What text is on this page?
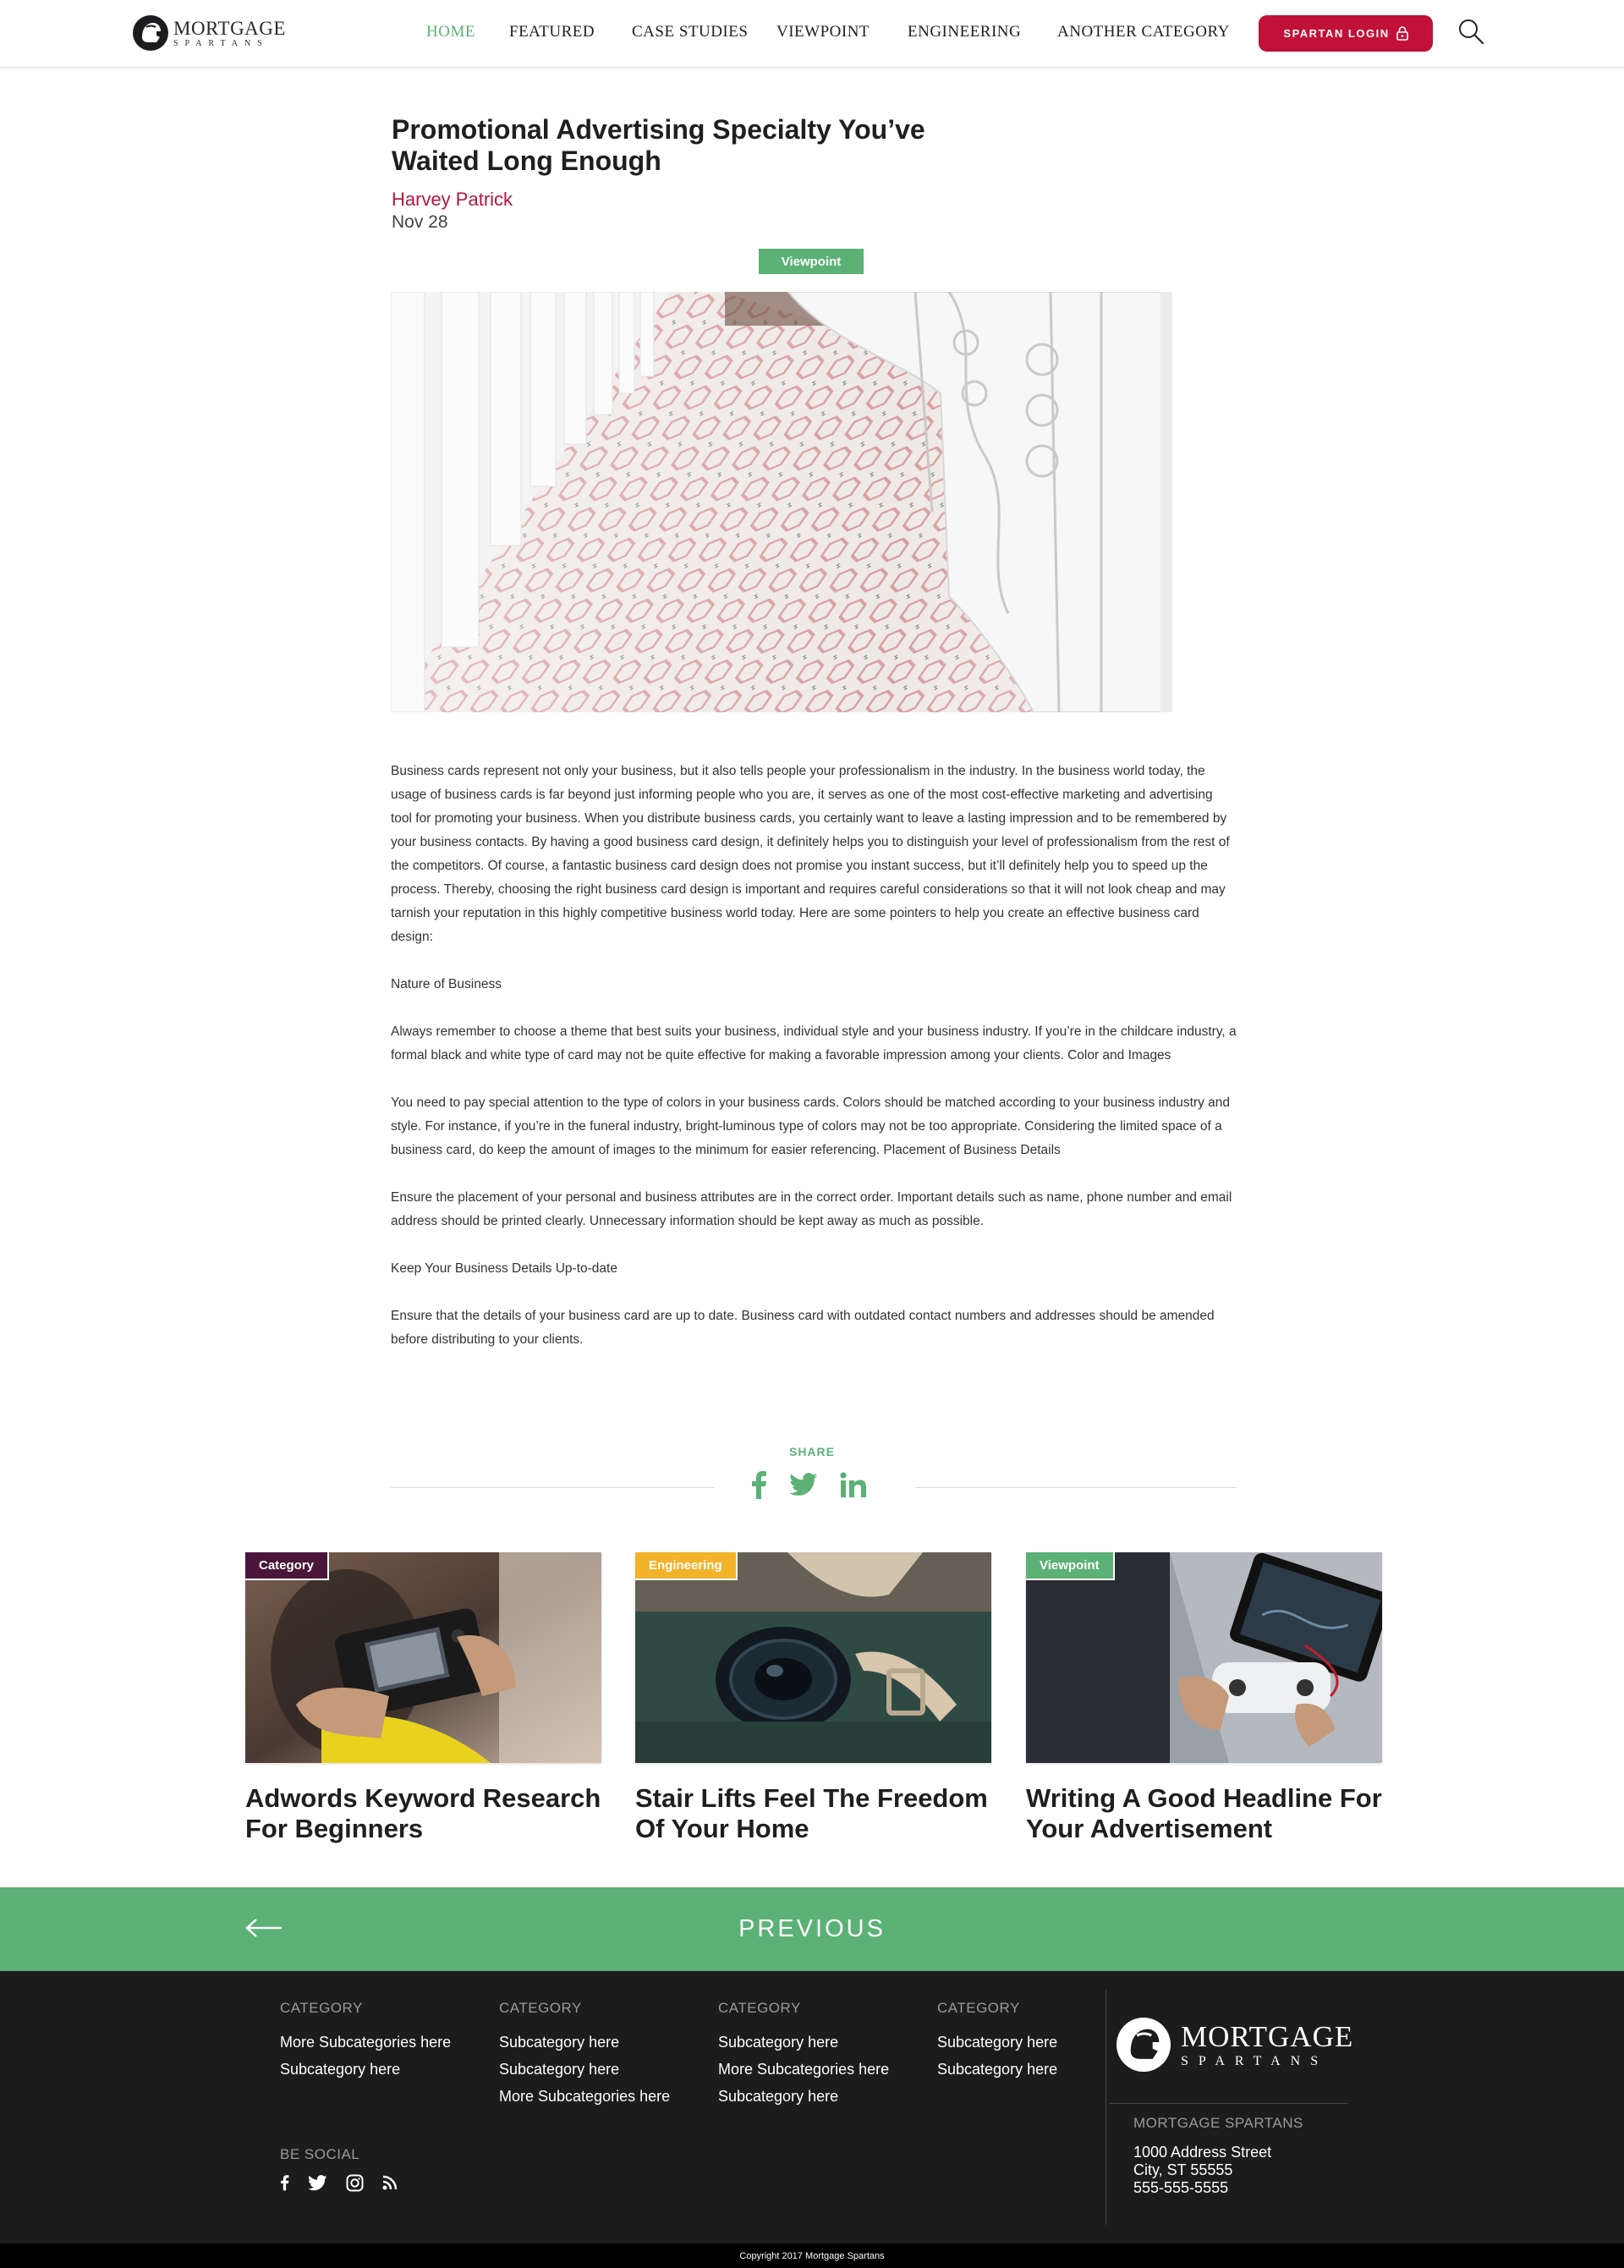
MORTGAGE
SPARTANS
HOME FEATURED CASE STUDIES VIEWPOINT ENGINEERING ANOTHER CATEGORY	SPARTAN LOGIN
Promotional Advertising Specialty You’ve Waited Long Enough
Harvey Patrick
Nov 28
Viewpoint

Business cards represent not only your business, but it also tells people your professionalism in the industry. In the business world today, the usage of business cards is far beyond just informing people who you are, it serves as one of the most cost-effective marketing and advertising tool for promoting your business. When you distribute business cards, you certainly want to leave a lasting impression and to be remembered by your business contacts. By having a good business card design, it definitely helps you to distinguish your level of professionalism from the rest of the competitors. Of course, a fantastic business card design does not promise you instant success, but it’ll definitely help you to speed up the process. Thereby, choosing the right business card design is important and requires careful considerations so that it will not look cheap and may tarnish your reputation in this highly competitive business world today. Here are some pointers to help you create an effective business card design:

Nature of Business

Always remember to choose a theme that best suits your business, individual style and your business industry. If you’re in the childcare industry, a formal black and white type of card may not be quite effective for making a favorable impression among your clients. Color and Images

You need to pay special attention to the type of colors in your business cards. Colors should be matched according to your business industry and style. For instance, if you’re in the funeral industry, bright-luminous type of colors may not be too appropriate. Considering the limited space of a business card, do keep the amount of images to the minimum for easier referencing. Placement of Business Details

Ensure the placement of your personal and business attributes are in the correct order. Important details such as name, phone number and email address should be printed clearly. Unnecessary information should be kept away as much as possible.

Keep Your Business Details Up-to-date

Ensure that the details of your business card are up to date. Business card with outdated contact numbers and addresses should be amended before distributing to your clients.

SHARE
Category
Adwords Keyword Research For Beginners
Engineering
Stair Lifts Feel The Freedom Of Your Home
Viewpoint
Writing A Good Headline For Your Advertisement
PREVIOUS
CATEGORY
More Subcategories here
Subcategory here
CATEGORY
Subcategory here
Subcategory here
More Subcategories here
CATEGORY
Subcategory here
More Subcategories here
Subcategory here
CATEGORY
Subcategory here
Subcategory here
BE SOCIAL
MORTGAGE
SPARTANS
MORTGAGE SPARTANS
1000 Address Street
City, ST 55555
555-555-5555
Copyright 2017 Mortgage Spartans
